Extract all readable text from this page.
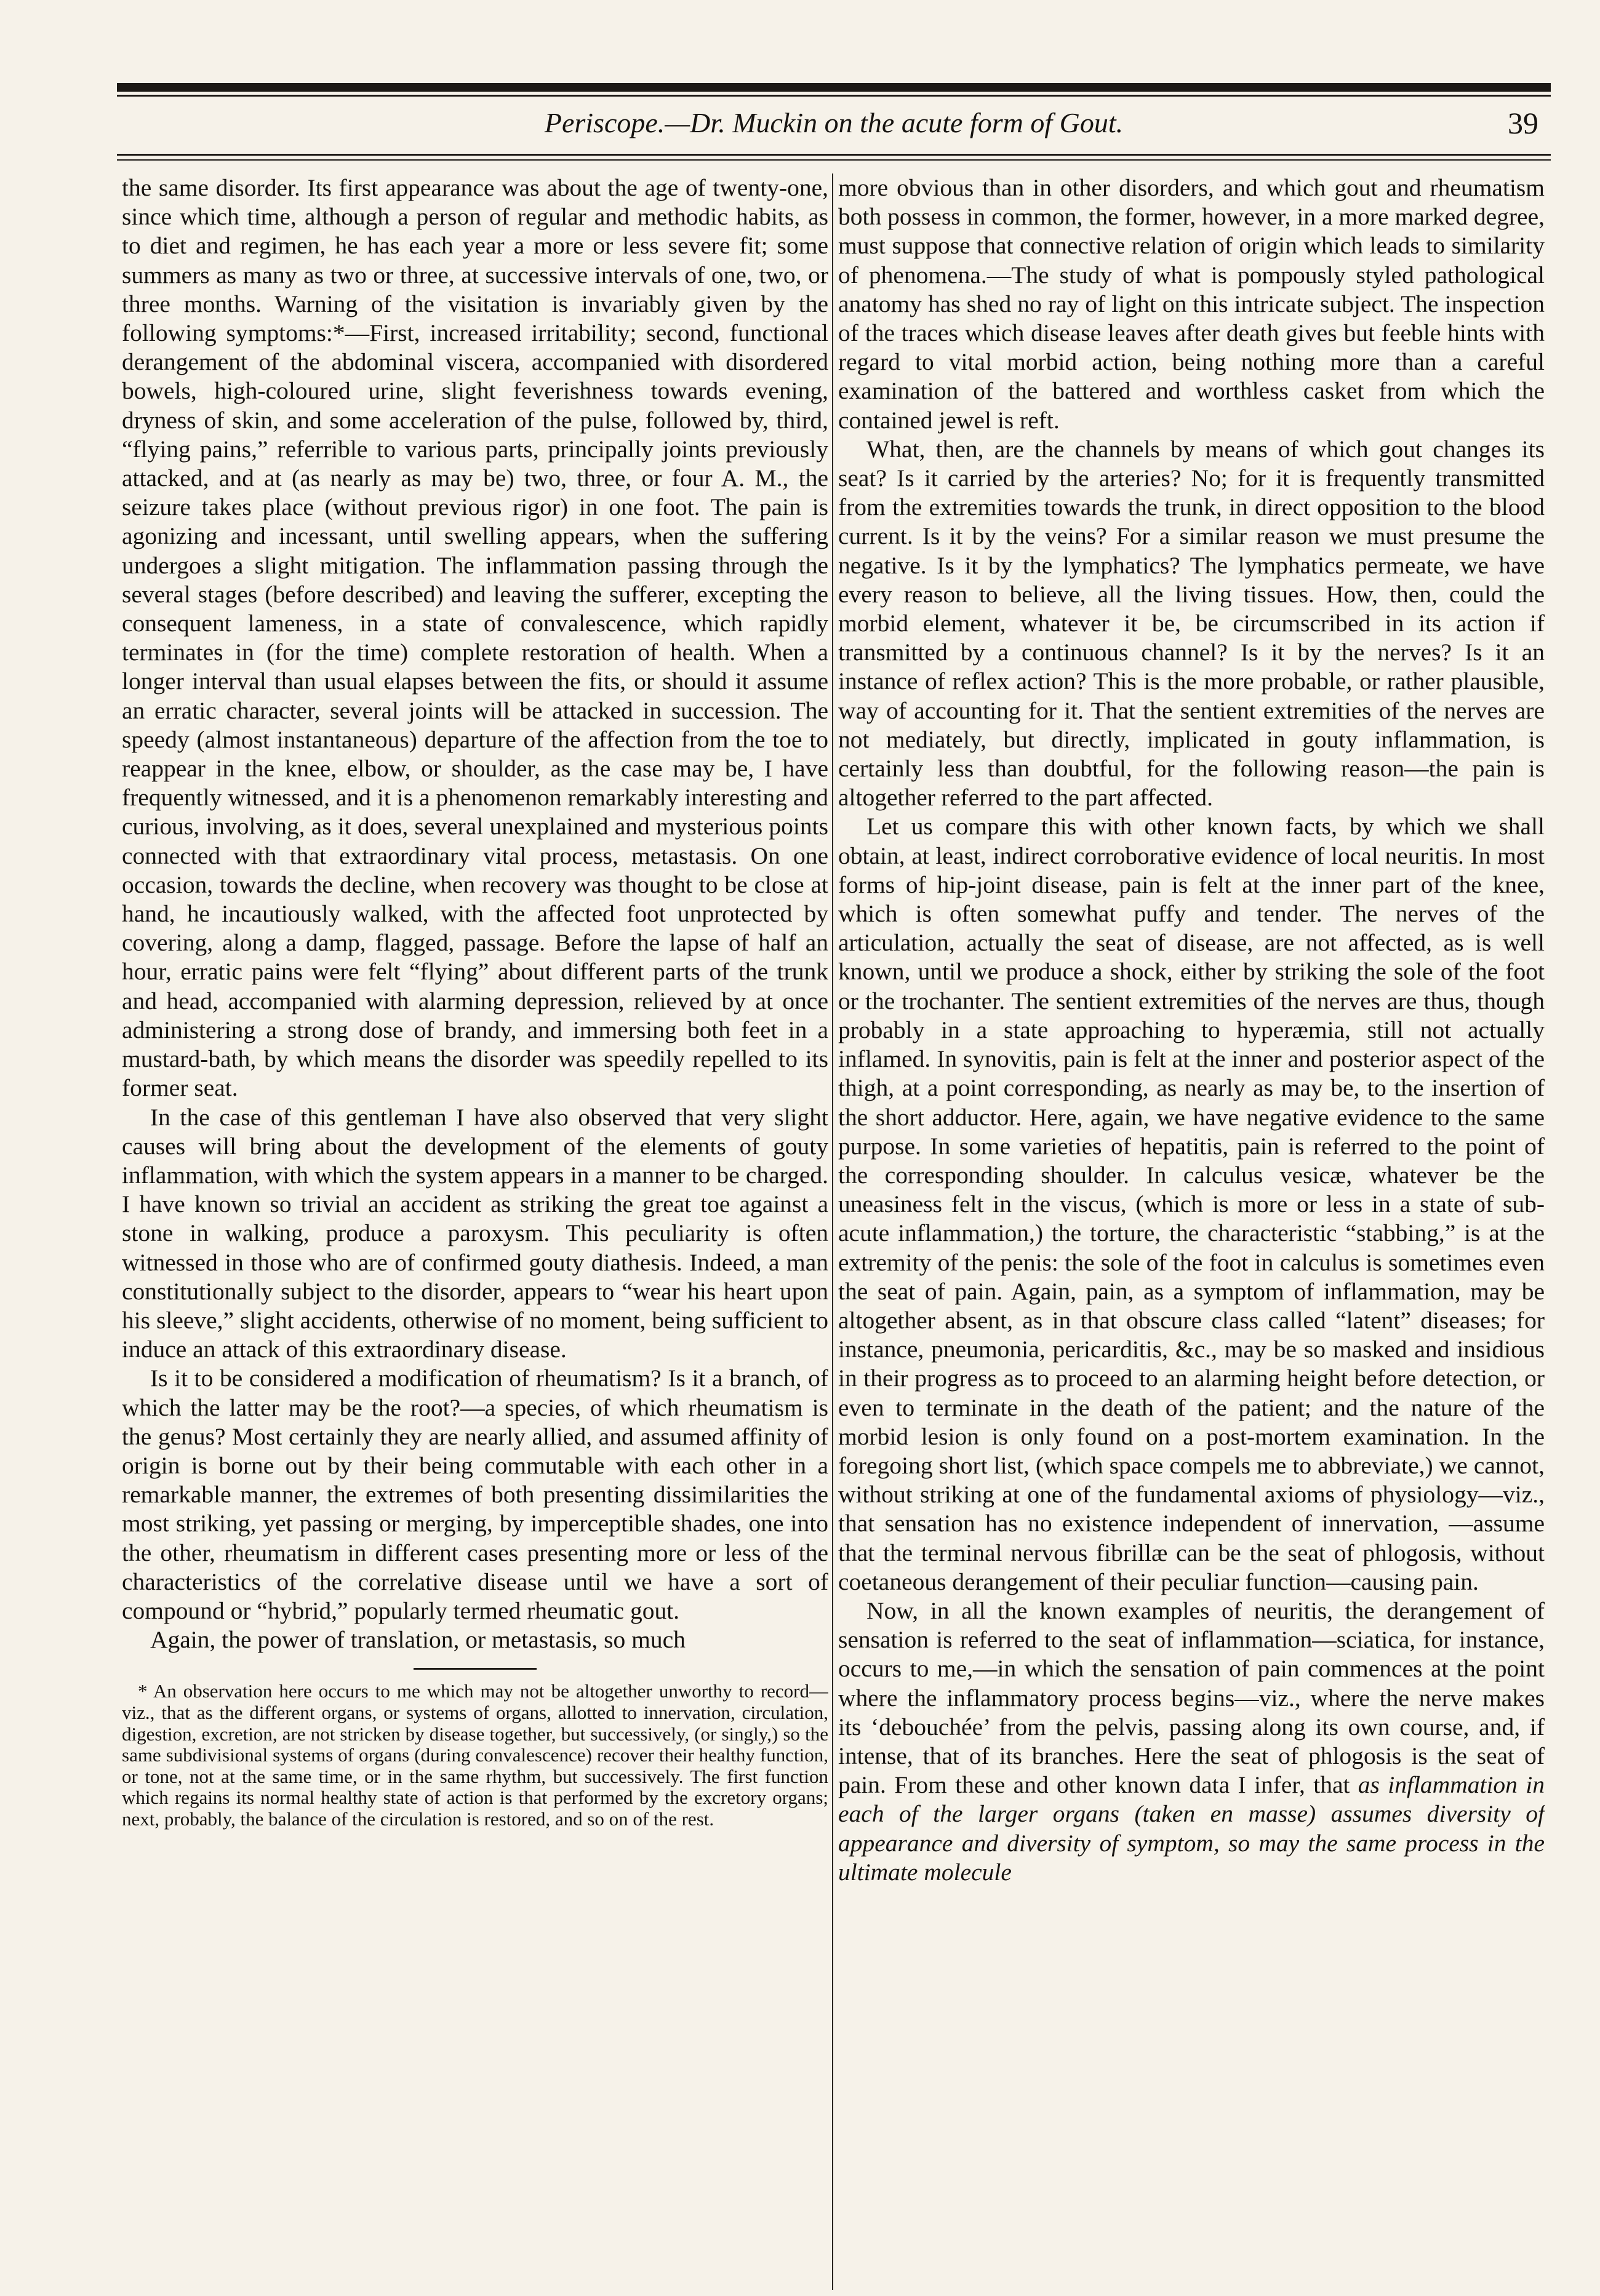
Periscope.—Dr. Muckin on the acute form of Gout.	39

the same disorder. Its first appearance was about the age of twenty-one, since which time, although a person of regular and methodic habits, as to diet and regimen, he has each year a more or less severe fit; some summers as many as two or three, at successive intervals of one, two, or three months. Warning of the visitation is invariably given by the following symptoms:*—First, increased irritability; second, functional derangement of the abdominal viscera, accompanied with disordered bowels, high-coloured urine, slight feverishness towards evening, dryness of skin, and some acceleration of the pulse, followed by, third, “flying pains,” referrible to various parts, principally joints previously attacked, and at (as nearly as may be) two, three, or four A. M., the seizure takes place (without previous rigor) in one foot. The pain is agonizing and incessant, until swelling appears, when the suffering undergoes a slight mitigation. The inflammation passing through the several stages (before described) and leaving the sufferer, excepting the consequent lameness, in a state of convalescence, which rapidly terminates in (for the time) complete restoration of health. When a longer interval than usual elapses between the fits, or should it assume an erratic character, several joints will be attacked in succession. The speedy (almost instantaneous) departure of the affection from the toe to reappear in the knee, elbow, or shoulder, as the case may be, I have frequently witnessed, and it is a phenomenon remarkably interesting and curious, involving, as it does, several unexplained and mysterious points connected with that extraordinary vital process, metastasis. On one occasion, towards the decline, when recovery was thought to be close at hand, he incautiously walked, with the affected foot unprotected by covering, along a damp, flagged, passage. Before the lapse of half an hour, erratic pains were felt “flying” about different parts of the trunk and head, accompanied with alarming depression, relieved by at once administering a strong dose of brandy, and immersing both feet in a mustard-bath, by which means the disorder was speedily repelled to its former seat.

In the case of this gentleman I have also observed that very slight causes will bring about the development of the elements of gouty inflammation, with which the system appears in a manner to be charged. I have known so trivial an accident as striking the great toe against a stone in walking, produce a paroxysm. This peculiarity is often witnessed in those who are of confirmed gouty diathesis. Indeed, a man constitutionally subject to the disorder, appears to “wear his heart upon his sleeve,” slight accidents, otherwise of no moment, being sufficient to induce an attack of this extraordinary disease.

Is it to be considered a modification of rheumatism? Is it a branch, of which the latter may be the root?—a species, of which rheumatism is the genus? Most certainly they are nearly allied, and assumed affinity of origin is borne out by their being commutable with each other in a remarkable manner, the extremes of both presenting dissimilarities the most striking, yet passing or merging, by imperceptible shades, one into the other, rheumatism in different cases presenting more or less of the characteristics of the correlative disease until we have a sort of compound or “hybrid,” popularly termed rheumatic gout.

Again, the power of translation, or metastasis, so much

* An observation here occurs to me which may not be altogether unworthy to record—viz., that as the different organs, or systems of organs, allotted to innervation, circulation, digestion, excretion, are not stricken by disease together, but successively, (or singly,) so the same subdivisional systems of organs (during convalescence) recover their healthy function, or tone, not at the same time, or in the same rhythm, but successively. The first function which regains its normal healthy state of action is that performed by the excretory organs; next, probably, the balance of the circulation is restored, and so on of the rest.

more obvious than in other disorders, and which gout and rheumatism both possess in common, the former, however, in a more marked degree, must suppose that connective relation of origin which leads to similarity of phenomena.—The study of what is pompously styled pathological anatomy has shed no ray of light on this intricate subject. The inspection of the traces which disease leaves after death gives but feeble hints with regard to vital morbid action, being nothing more than a careful examination of the battered and worthless casket from which the contained jewel is reft.

What, then, are the channels by means of which gout changes its seat? Is it carried by the arteries? No; for it is frequently transmitted from the extremities towards the trunk, in direct opposition to the blood current. Is it by the veins? For a similar reason we must presume the negative. Is it by the lymphatics? The lymphatics permeate, we have every reason to believe, all the living tissues. How, then, could the morbid element, whatever it be, be circumscribed in its action if transmitted by a continuous channel? Is it by the nerves? Is it an instance of reflex action? This is the more probable, or rather plausible, way of accounting for it. That the sentient extremities of the nerves are not mediately, but directly, implicated in gouty inflammation, is certainly less than doubtful, for the following reason—the pain is altogether referred to the part affected.

Let us compare this with other known facts, by which we shall obtain, at least, indirect corroborative evidence of local neuritis. In most forms of hip-joint disease, pain is felt at the inner part of the knee, which is often somewhat puffy and tender. The nerves of the articulation, actually the seat of disease, are not affected, as is well known, until we produce a shock, either by striking the sole of the foot or the trochanter. The sentient extremities of the nerves are thus, though probably in a state approaching to hyperæmia, still not actually inflamed. In synovitis, pain is felt at the inner and posterior aspect of the thigh, at a point corresponding, as nearly as may be, to the insertion of the short adductor. Here, again, we have negative evidence to the same purpose. In some varieties of hepatitis, pain is referred to the point of the corresponding shoulder. In calculus vesicæ, whatever be the uneasiness felt in the viscus, (which is more or less in a state of sub-acute inflammation,) the torture, the characteristic “stabbing,” is at the extremity of the penis: the sole of the foot in calculus is sometimes even the seat of pain. Again, pain, as a symptom of inflammation, may be altogether absent, as in that obscure class called “latent” diseases; for instance, pneumonia, pericarditis, &c., may be so masked and insidious in their progress as to proceed to an alarming height before detection, or even to terminate in the death of the patient; and the nature of the morbid lesion is only found on a post-mortem examination. In the foregoing short list, (which space compels me to abbreviate,) we cannot, without striking at one of the fundamental axioms of physiology—viz., that sensation has no existence independent of innervation, —assume that the terminal nervous fibrillæ can be the seat of phlogosis, without coetaneous derangement of their peculiar function—causing pain.

Now, in all the known examples of neuritis, the derangement of sensation is referred to the seat of inflammation—sciatica, for instance, occurs to me,—in which the sensation of pain commences at the point where the inflammatory process begins—viz., where the nerve makes its ‘debouchée’ from the pelvis, passing along its own course, and, if intense, that of its branches. Here the seat of phlogosis is the seat of pain. From these and other known data I infer, that as inflammation in each of the larger organs (taken en masse) assumes diversity of appearance and diversity of symptom, so may the same process in the ultimate molecule
